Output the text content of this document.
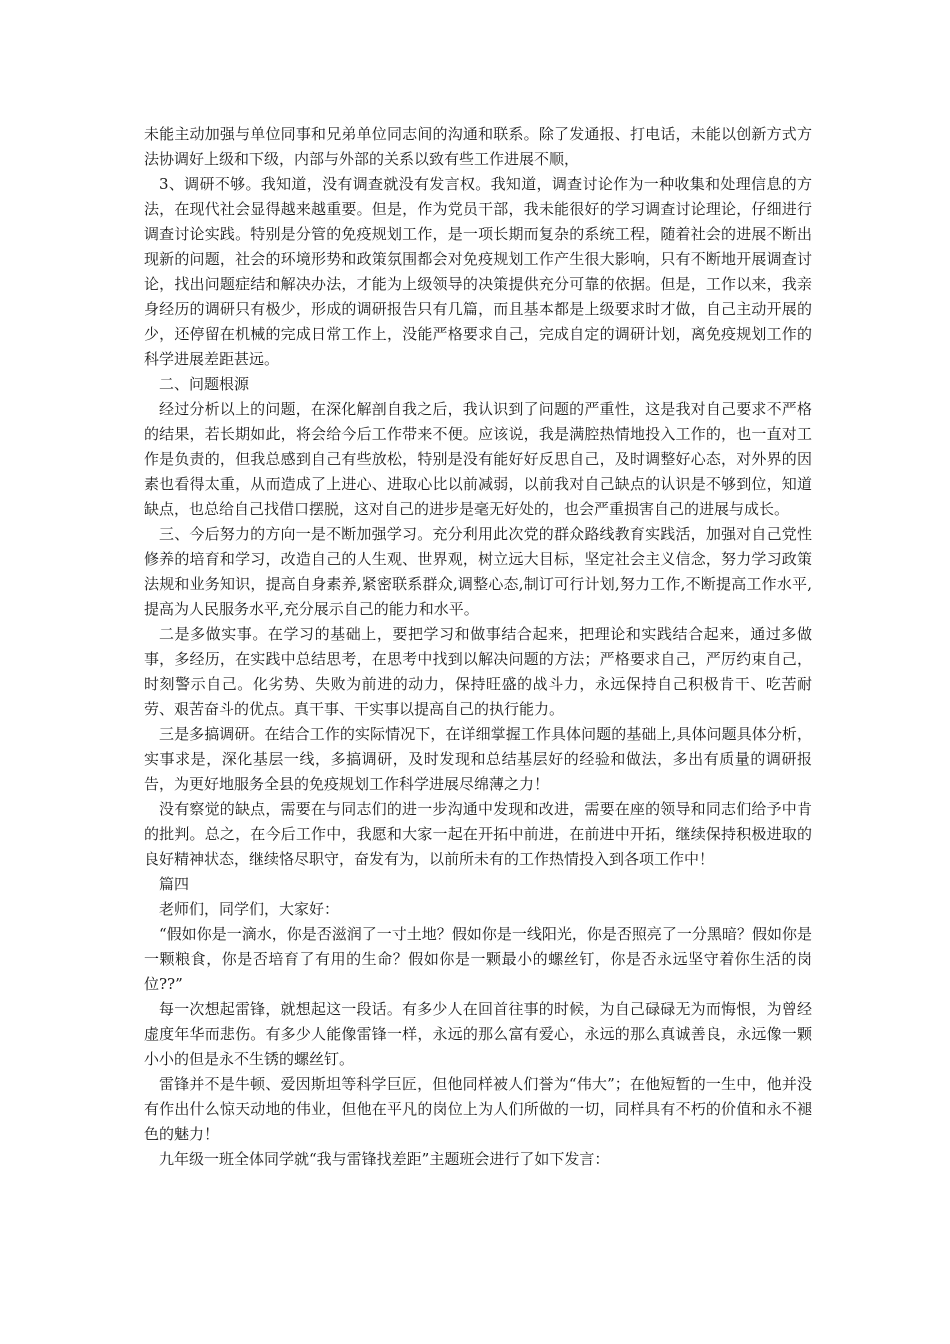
未能主动加强与单位同事和兄弟单位同志间的沟通和联系。除了发通报、打电话，未能以创新方式方法协调好上级和下级，内部与外部的关系以致有些工作进展不顺，

3、调研不够。我知道，没有调查就没有发言权。我知道，调查讨论作为一种收集和处理信息的方法，在现代社会显得越来越重要。但是，作为党员干部，我未能很好的学习调查讨论理论，仔细进行调查讨论实践。特别是分管的免疫规划工作，是一项长期而复杂的系统工程，随着社会的进展不断出现新的问题，社会的环境形势和政策氛围都会对免疫规划工作产生很大影响，只有不断地开展调查讨论，找出问题症结和解决办法，才能为上级领导的决策提供充分可靠的依据。但是，工作以来，我亲身经历的调研只有极少，形成的调研报告只有几篇，而且基本都是上级要求时才做，自己主动开展的少，还停留在机械的完成日常工作上，没能严格要求自己，完成自定的调研计划，离免疫规划工作的科学进展差距甚远。

二、问题根源

经过分析以上的问题，在深化解剖自我之后，我认识到了问题的严重性，这是我对自己要求不严格的结果，若长期如此，将会给今后工作带来不便。应该说，我是满腔热情地投入工作的，也一直对工作是负责的，但我总感到自己有些放松，特别是没有能好好反思自己，及时调整好心态，对外界的因素也看得太重，从而造成了上进心、进取心比以前减弱，以前我对自己缺点的认识是不够到位，知道缺点，也总给自己找借口摆脱，这对自己的进步是毫无好处的，也会严重损害自己的进展与成长。

三、今后努力的方向一是不断加强学习。充分利用此次党的群众路线教育实践活，加强对自己党性修养的培育和学习，改造自己的人生观、世界观，树立远大目标，坚定社会主义信念，努力学习政策法规和业务知识，提高自身素养,紧密联系群众,调整心态,制订可行计划,努力工作,不断提高工作水平,提高为人民服务水平,充分展示自己的能力和水平。

二是多做实事。在学习的基础上，要把学习和做事结合起来，把理论和实践结合起来，通过多做事，多经历，在实践中总结思考，在思考中找到以解决问题的方法；严格要求自己，严厉约束自己，时刻警示自己。化劣势、失败为前进的动力，保持旺盛的战斗力，永远保持自己积极肯干、吃苦耐劳、艰苦奋斗的优点。真干事、干实事以提高自己的执行能力。

三是多搞调研。在结合工作的实际情况下，在详细掌握工作具体问题的基础上,具体问题具体分析，实事求是，深化基层一线，多搞调研，及时发现和总结基层好的经验和做法，多出有质量的调研报告，为更好地服务全县的免疫规划工作科学进展尽绵薄之力！

没有察觉的缺点，需要在与同志们的进一步沟通中发现和改进，需要在座的领导和同志们给予中肯的批判。总之，在今后工作中，我愿和大家一起在开拓中前进，在前进中开拓，继续保持积极进取的良好精神状态，继续恪尽职守，奋发有为，以前所未有的工作热情投入到各项工作中！

篇四

老师们，同学们，大家好：

“假如你是一滴水，你是否滋润了一寸土地？假如你是一线阳光，你是否照亮了一分黑暗？假如你是一颗粮食，你是否培育了有用的生命？假如你是一颗最小的螺丝钉，你是否永远坚守着你生活的岗位??”

每一次想起雷锋，就想起这一段话。有多少人在回首往事的时候，为自己碌碌无为而悔恨，为曾经虚度年华而悲伤。有多少人能像雷锋一样，永远的那么富有爱心，永远的那么真诚善良，永远像一颗小小的但是永不生锈的螺丝钉。

雷锋并不是牛顿、爱因斯坦等科学巨匠，但他同样被人们誉为“伟大”；在他短暂的一生中，他并没有作出什么惊天动地的伟业，但他在平凡的岗位上为人们所做的一切，同样具有不朽的价值和永不褪色的魅力！

九年级一班全体同学就“我与雷锋找差距”主题班会进行了如下发言：
